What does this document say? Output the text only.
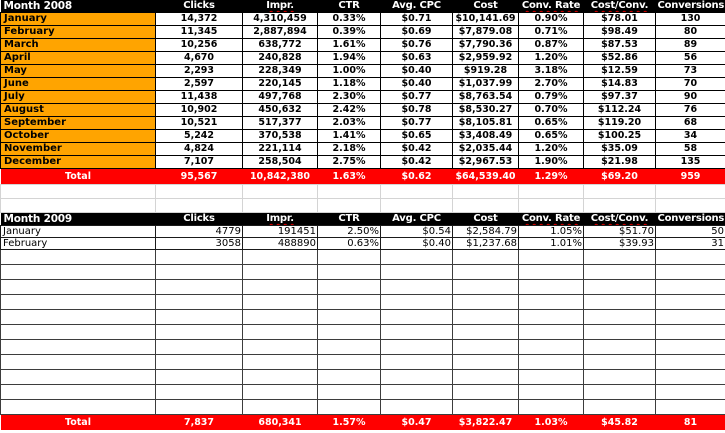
Month 2008	Clicks	Impr.	CTR	Avg. CPC	Cost	Conv. Rate	Cost/Conv.	Conversions
January	14,372	4,310,459	0.33%	$0.71	$10,141.69	0.90%	$78.01	130
February	11,345	2,887,894	0.39%	$0.69	$7,879.08	0.71%	$98.49	80
March	10,256	638,772	1.61%	$0.76	$7,790.36	0.87%	$87.53	89
April	4,670	240,828	1.94%	$0.63	$2,959.92	1.20%	$52.86	56
May	2,293	228,349	1.00%	$0.40	$919.28	3.18%	$12.59	73
June	2,597	220,145	1.18%	$0.40	$1,037.99	2.70%	$14.83	70
July	11,438	497,768	2.30%	$0.77	$8,763.54	0.79%	$97.37	90
August	10,902	450,632	2.42%	$0.78	$8,530.27	0.70%	$112.24	76
September	10,521	517,377	2.03%	$0.77	$8,105.81	0.65%	$119.20	68
October	5,242	370,538	1.41%	$0.65	$3,408.49	0.65%	$100.25	34
November	4,824	221,114	2.18%	$0.42	$2,035.44	1.20%	$35.09	58
December	7,107	258,504	2.75%	$0.42	$2,967.53	1.90%	$21.98	135
Total	95,567	10,842,380	1.63%	$0.62	$64,539.40	1.29%	$69.20	959

Month 2009	Clicks	Impr.	CTR	Avg. CPC	Cost	Conv. Rate	Cost/Conv.	Conversions
January	4779	191451	2.50%	$0.54	$2,584.79	1.05%	$51.70	50
February	3058	488890	0.63%	$0.40	$1,237.68	1.01%	$39.93	31

Total	7,837	680,341	1.57%	$0.47	$3,822.47	1.03%	$45.82	81
